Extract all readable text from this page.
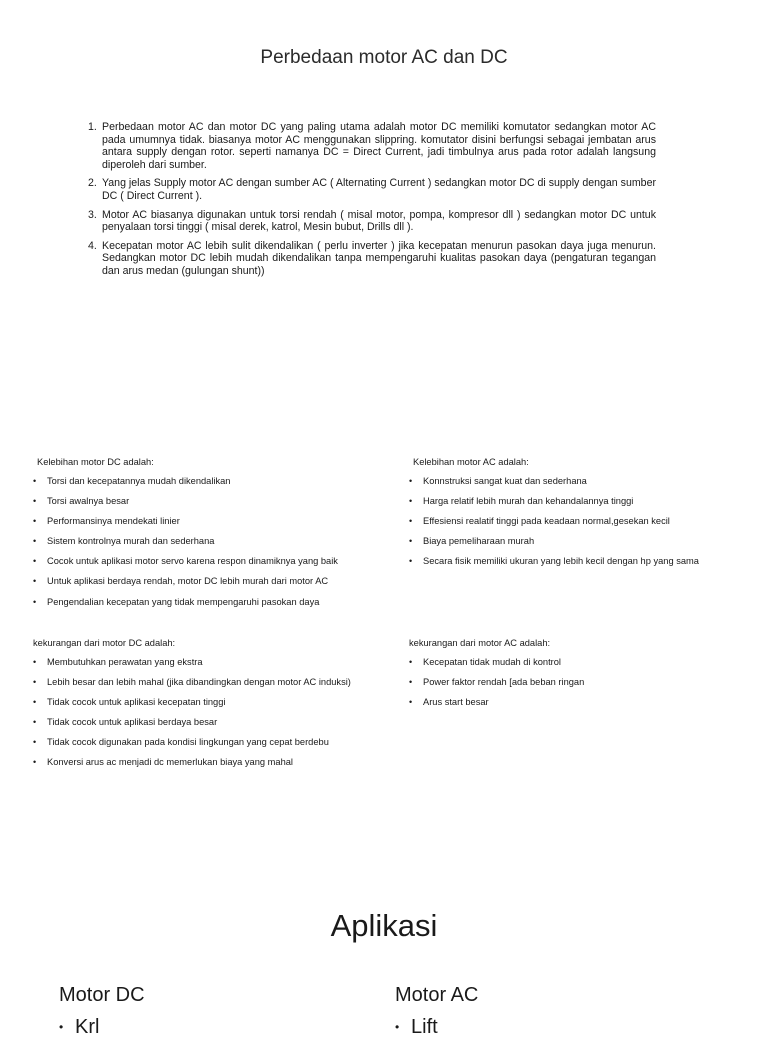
Perbedaan motor AC dan DC
1. Perbedaan motor AC dan motor DC yang paling utama adalah motor DC memiliki komutator sedangkan motor AC pada umumnya tidak. biasanya motor AC menggunakan slippring. komutator disini berfungsi sebagai jembatan arus antara supply dengan rotor. seperti namanya DC = Direct Current, jadi timbulnya arus pada rotor adalah langsung diperoleh dari sumber.
2. Yang jelas Supply motor AC dengan sumber AC ( Alternating Current ) sedangkan motor DC di supply dengan sumber DC ( Direct Current ).
3. Motor AC biasanya digunakan untuk torsi rendah ( misal motor, pompa, kompresor dll ) sedangkan motor DC untuk penyalaan torsi tinggi ( misal derek, katrol, Mesin bubut, Drills dll ).
4. Kecepatan motor AC lebih sulit dikendalikan ( perlu inverter ) jika kecepatan menurun pasokan daya juga menurun. Sedangkan motor DC lebih mudah dikendalikan tanpa mempengaruhi kualitas pasokan daya (pengaturan tegangan dan arus medan (gulungan shunt))
Kelebihan motor DC adalah:
•	Torsi dan kecepatannya mudah dikendalikan
•	Torsi awalnya besar
•	Performansinya mendekati linier
•	Sistem kontrolnya murah dan sederhana
•	Cocok untuk aplikasi motor servo karena respon dinamiknya yang baik
•	Untuk aplikasi berdaya rendah, motor DC lebih murah dari motor AC
•	Pengendalian kecepatan yang tidak mempengaruhi pasokan daya
Kelebihan motor AC adalah:
•	Konnstruksi sangat kuat dan sederhana
•	Harga relatif lebih murah dan kehandalannya tinggi
•	Effesiensi realatif tinggi pada keadaan normal,gesekan kecil
•	Biaya pemeliharaan murah
•	Secara fisik memiliki ukuran yang lebih kecil dengan hp yang sama
kekurangan dari motor DC adalah:
•	Membutuhkan perawatan yang ekstra
•	Lebih besar dan lebih mahal (jika dibandingkan dengan motor AC induksi)
•	Tidak cocok untuk aplikasi kecepatan tinggi
•	Tidak cocok untuk aplikasi berdaya besar
•	Tidak cocok digunakan pada kondisi lingkungan yang cepat berdebu
•	Konversi arus ac menjadi dc memerlukan biaya yang mahal
kekurangan dari motor AC adalah:
•	Kecepatan tidak mudah di kontrol
•	Power faktor rendah [ada beban ringan
•	Arus start besar
Aplikasi
Motor DC
• Krl
Motor AC
• Lift
